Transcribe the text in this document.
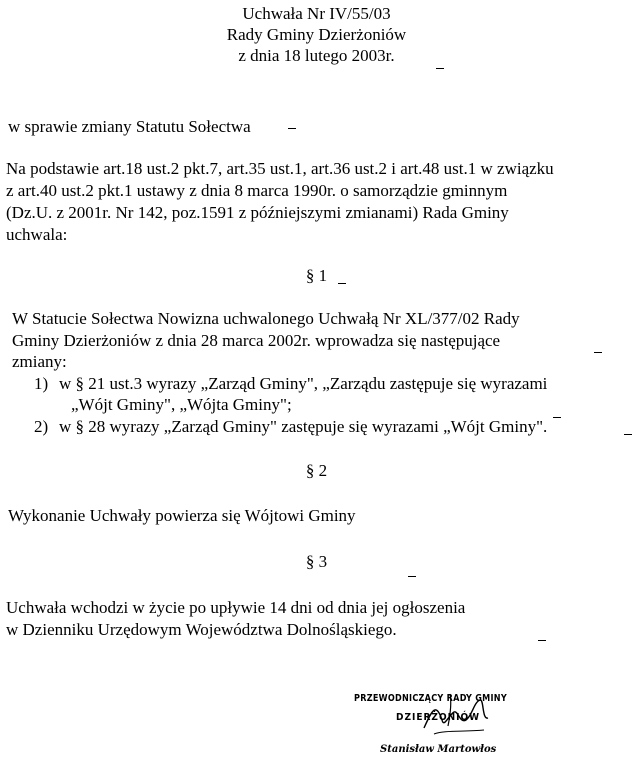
Uchwała Nr IV/55/03
Rady Gminy Dzierżoniów
z dnia 18 lutego 2003r.
w sprawie zmiany Statutu Sołectwa
Na podstawie art.18 ust.2 pkt.7, art.35 ust.1, art.36 ust.2 i art.48 ust.1 w związku
z art.40 ust.2 pkt.1 ustawy z dnia 8 marca 1990r. o samorządzie gminnym
(Dz.U. z 2001r. Nr 142, poz.1591 z późniejszymi zmianami) Rada Gminy
uchwala:
§ 1
W Statucie Sołectwa Nowizna uchwalonego Uchwałą Nr XL/377/02 Rady
Gminy Dzierżoniów z dnia 28 marca 2002r. wprowadza się następujące
zmiany:
1) w § 21 ust.3 wyrazy „Zarząd Gminy", „Zarządu zastępuje się wyrazami
„Wójt Gminy", „Wójta Gminy";
2) w § 28 wyrazy „Zarząd Gminy" zastępuje się wyrazami „Wójt Gminy".
§ 2
Wykonanie Uchwały powierza się Wójtowi Gminy
§ 3
Uchwała wchodzi w życie po upływie 14 dni od dnia jej ogłoszenia
w Dzienniku Urzędowym Województwa Dolnośląskiego.
PRZEWODNICZĄCY RADY GMINY
DZIERŻONIÓW
Stanisław Martowłos
